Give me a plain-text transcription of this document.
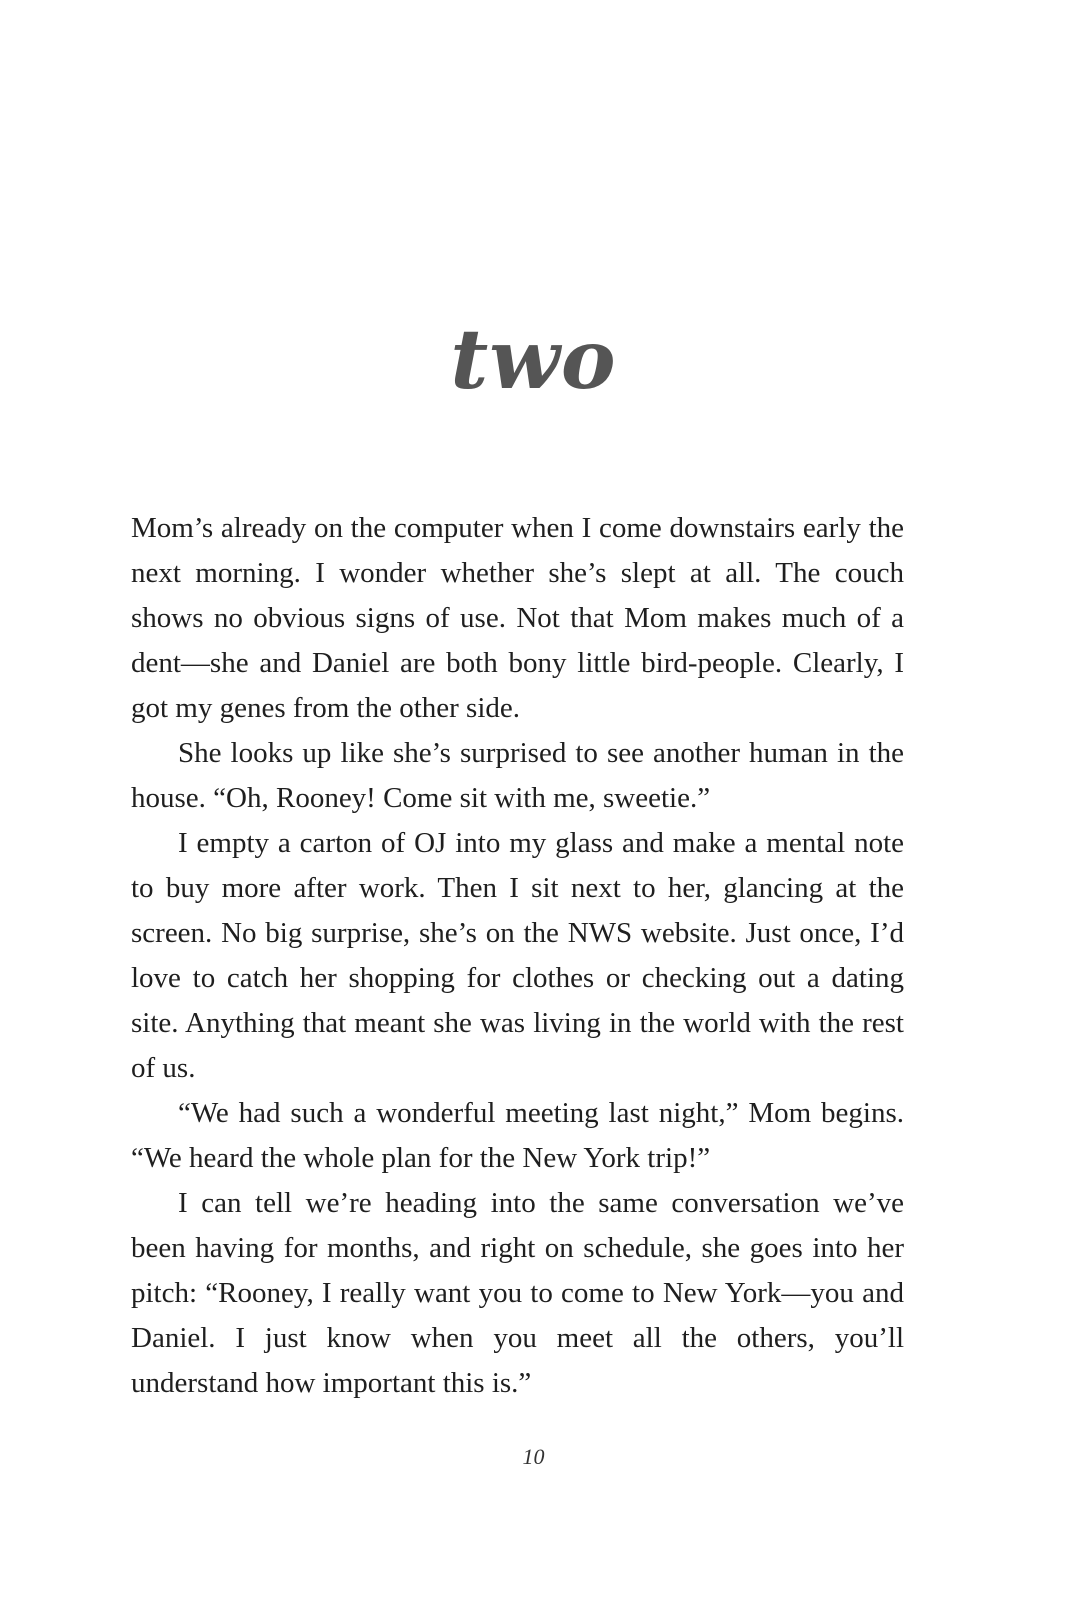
two

Mom’s already on the computer when I come downstairs early the next morning. I wonder whether she’s slept at all. The couch shows no obvious signs of use. Not that Mom makes much of a dent—she and Daniel are both bony little bird-people. Clearly, I got my genes from the other side.

She looks up like she’s surprised to see another human in the house. “Oh, Rooney! Come sit with me, sweetie.”

I empty a carton of OJ into my glass and make a mental note to buy more after work. Then I sit next to her, glancing at the screen. No big surprise, she’s on the NWS website. Just once, I’d love to catch her shopping for clothes or checking out a dating site. Anything that meant she was living in the world with the rest of us.

“We had such a wonderful meeting last night,” Mom begins. “We heard the whole plan for the New York trip!”

I can tell we’re heading into the same conversation we’ve been having for months, and right on schedule, she goes into her pitch: “Rooney, I really want you to come to New York—you and Daniel. I just know when you meet all the others, you’ll understand how important this is.”

10
